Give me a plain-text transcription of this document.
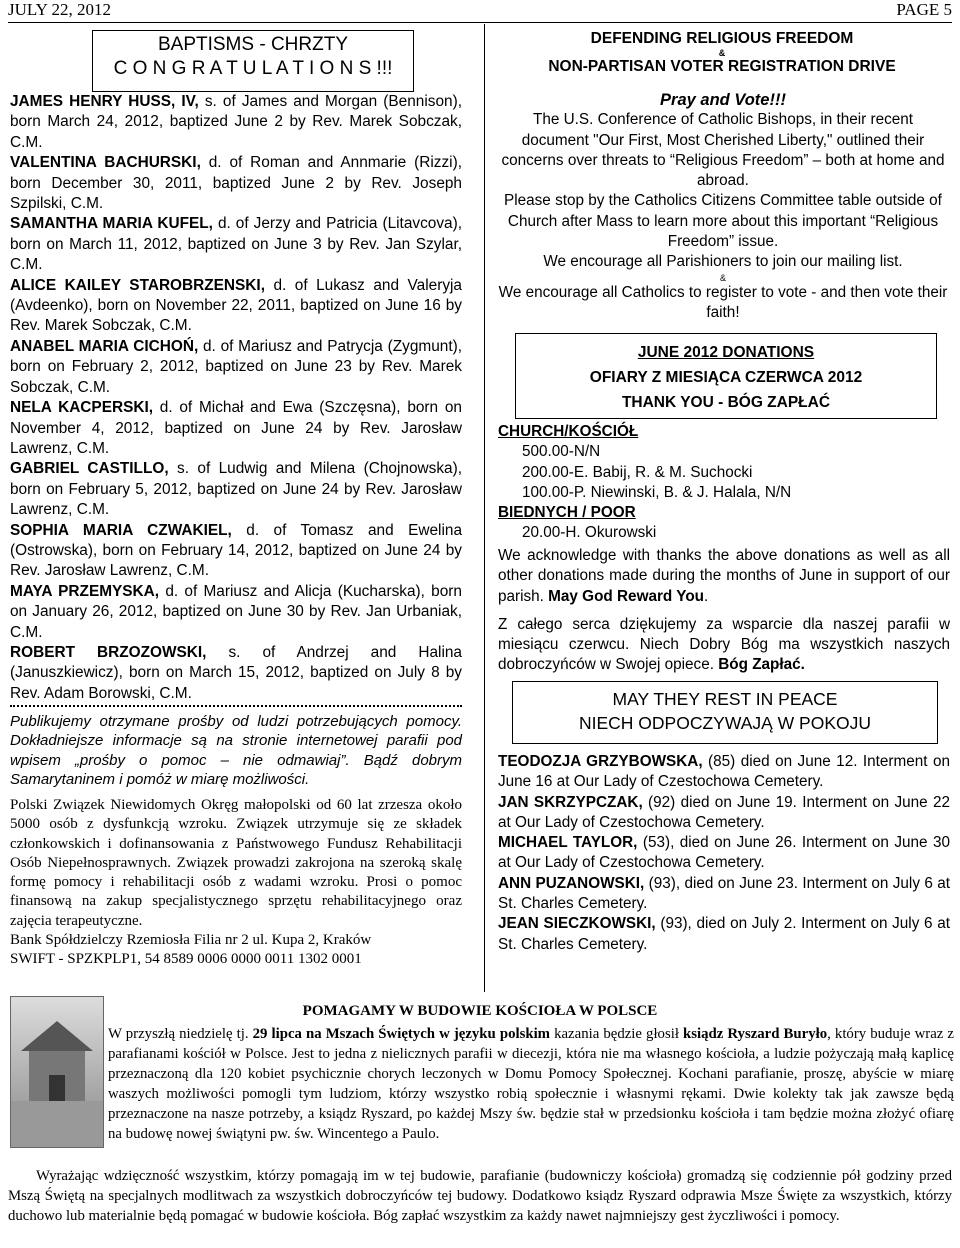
JULY 22, 2012	PAGE 5
BAPTISMS - CHRZTY
C O N G R A T U L A T I O N S !!!

JAMES HENRY HUSS, IV, s. of James and Morgan (Bennison), born March 24, 2012, baptized June 2 by Rev. Marek Sobczak, C.M.

VALENTINA BACHURSKI, d. of Roman and Annmarie (Rizzi), born December 30, 2011, baptized June 2 by Rev. Joseph Szpilski, C.M.

SAMANTHA MARIA KUFEL, d. of Jerzy and Patricia (Litavcova), born on March 11, 2012, baptized on June 3 by Rev. Jan Szylar, C.M.

ALICE KAILEY STAROBRZENSKI, d. of Lukasz and Valeryja (Avdeenko), born on November 22, 2011, baptized on June 16 by Rev. Marek Sobczak, C.M.

ANABEL MARIA CICHOŃ, d. of Mariusz and Patrycja (Zygmunt), born on February 2, 2012, baptized on June 23 by Rev. Marek Sobczak, C.M.

NELA KACPERSKI, d. of Michał and Ewa (Szczęsna), born on November 4, 2012, baptized on June 24 by Rev. Jarosław Lawrenz, C.M.

GABRIEL CASTILLO, s. of Ludwig and Milena (Chojnowska), born on February 5, 2012, baptized on June 24 by Rev. Jarosław Lawrenz, C.M.

SOPHIA MARIA CZWAKIEL, d. of Tomasz and Ewelina (Ostrowska), born on February 14, 2012, baptized on June 24 by Rev. Jarosław Lawrenz, C.M.

MAYA PRZEMYSKA, d. of Mariusz and Alicja (Kucharska), born on January 26, 2012, baptized on June 30 by Rev. Jan Urbaniak, C.M.

ROBERT BRZOZOWSKI, s. of Andrzej and Halina (Januszkiewicz), born on March 15, 2012, baptized on July 8 by Rev. Adam Borowski, C.M.

Publikujemy otrzymane prośby od ludzi potrzebujących pomocy. Dokładniejsze informacje są na stronie internetowej parafii pod wpisem „prośby o pomoc – nie odmawiaj”. Bądź dobrym Samarytaninem i pomóż w miarę możliwości.

Polski Związek Niewidomych Okręg małopolski od 60 lat zrzesza około 5000 osób z dysfunkcją wzroku. Związek utrzymuje się ze składek członkowskich i dofinansowania z Państwowego Fundusz Rehabilitacji Osób Niepełnosprawnych. Związek prowadzi zakrojona na szeroką skalę formę pomocy i rehabilitacji osób z wadami wzroku. Prosi o pomoc finansową na zakup specjalistycznego sprzętu rehabilitacyjnego oraz zajęcia terapeutyczne.

Bank Spółdzielczy Rzemiosła Filia nr 2 ul. Kupa 2, Kraków

SWIFT - SPZKPLP1, 54 8589 0006 0000 0011 1302 0001

DEFENDING RELIGIOUS FREEDOM
&
NON-PARTISAN VOTER REGISTRATION DRIVE

Pray and Vote!!!

The U.S. Conference of Catholic Bishops, in their recent document "Our First, Most Cherished Liberty," outlined their concerns over threats to “Religious Freedom” – both at home and abroad.

Please stop by the Catholics Citizens Committee table outside of Church after Mass to learn more about this important “Religious Freedom” issue.

We encourage all Parishioners to join our mailing list.

&

We encourage all Catholics to register to vote - and then vote their faith!

JUNE 2012 DONATIONS
OFIARY Z MIESIĄCA CZERWCA 2012
THANK YOU - BÓG ZAPŁAĆ
CHURCH/KOŚCIÓŁ
500.00-N/N
200.00-E. Babij, R. & M. Suchocki
100.00-P. Niewinski, B. & J. Halala, N/N
BIEDNYCH / POOR
20.00-H. Okurowski

We acknowledge with thanks the above donations as well as all other donations made during the months of June in support of our parish. May God Reward You.

Z całego serca dziękujemy za wsparcie dla naszej parafii w miesiącu czerwcu. Niech Dobry Bóg ma wszystkich naszych dobroczyńców w Swojej opiece. Bóg Zapłać.

MAY THEY REST IN PEACE
NIECH ODPOCZYWAJĄ W POKOJU

TEODOZJA GRZYBOWSKA, (85) died on June 12. Interment on June 16 at Our Lady of Czestochowa Cemetery.

JAN SKRZYPCZAK, (92) died on June 19. Interment on June 22 at Our Lady of Czestochowa Cemetery.

MICHAEL TAYLOR, (53), died on June 26. Interment on June 30 at Our Lady of Czestochowa Cemetery.

ANN PUZANOWSKI, (93), died on June 23. Interment on July 6 at St. Charles Cemetery.

JEAN SIECZKOWSKI, (93), died on July 2. Interment on July 6 at St. Charles Cemetery.

POMAGAMY W BUDOWIE KOŚCIOŁA W POLSCE

W przyszłą niedzielę tj. 29 lipca na Mszach Świętych w języku polskim kazania będzie głosił ksiądz Ryszard Buryło, który buduje wraz z parafianami kościół w Polsce. Jest to jedna z nielicznych parafii w diecezji, która nie ma własnego kościoła, a ludzie pożyczają małą kaplicę przeznaczoną dla 120 kobiet psychicznie chorych leczonych w Domu Pomocy Społecznej. Kochani parafianie, proszę, abyście w miarę waszych możliwości pomogli tym ludziom, którzy wszystko robią społecznie i własnymi rękami. Dwie kolekty tak jak zawsze będą przeznaczone na nasze potrzeby, a ksiądz Ryszard, po każdej Mszy św. będzie stał w przedsionku kościoła i tam będzie można złożyć ofiarę na budowę nowej świątyni pw. św. Wincentego a Paulo.

Wyrażając wdzięczność wszystkim, którzy pomagają im w tej budowie, parafianie (budowniczy kościoła) gromadzą się codziennie pół godziny przed Mszą Świętą na specjalnych modlitwach za wszystkich dobroczyńców tej budowy. Dodatkowo ksiądz Ryszard odprawia Msze Święte za wszystkich, którzy duchowo lub materialnie będą pomagać w budowie kościoła. Bóg zapłać wszystkim za każdy nawet najmniejszy gest życzliwości i pomocy.
